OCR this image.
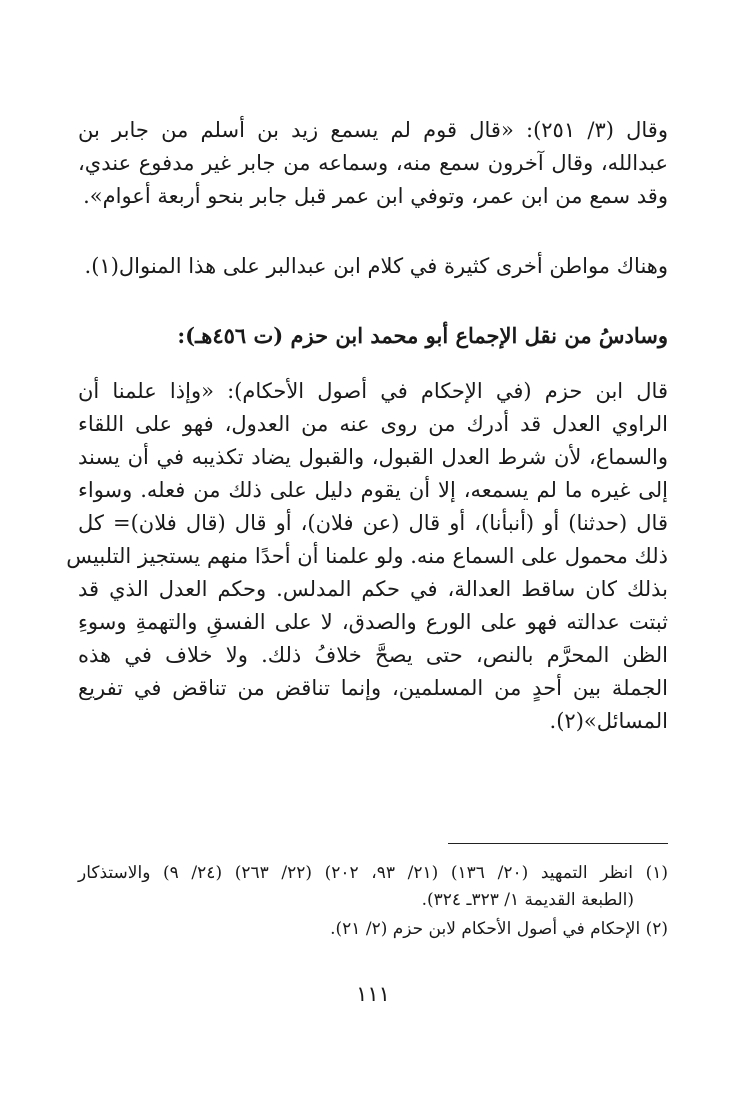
وقال (٣/ ٢٥١): «قال قوم لم يسمع زيد بن أسلم من جابر بن
عبدالله، وقال آخرون سمع منه، وسماعه من جابر غير مدفوع عندي،
وقد سمع من ابن عمر، وتوفي ابن عمر قبل جابر بنحو أربعة أعوام».
وهناك مواطن أخرى كثيرة في كلام ابن عبدالبر على هذا المنوال(١).
وسادسُ من نقل الإجماع أبو محمد ابن حزم (ت ٤٥٦هـ):
قال ابن حزم (في الإحكام في أصول الأحكام): «وإذا علمنا أن
الراوي العدل قد أدرك من روى عنه من العدول، فهو على اللقاء
والسماع، لأن شرط العدل القبول، والقبول يضاد تكذيبه في أن يسند
إلى غيره ما لم يسمعه، إلا أن يقوم دليل على ذلك من فعله. وسواء
قال (حدثنا) أو (أنبأنا)، أو قال (عن فلان)، أو قال (قال فلان)= كل
ذلك محمول على السماع منه. ولو علمنا أن أحدًا منهم يستجيز التلبيس
بذلك كان ساقط العدالة، في حكم المدلس. وحكم العدل الذي قد
ثبتت عدالته فهو على الورع والصدق، لا على الفسقِ والتهمةِ وسوءِ
الظن المحرَّم بالنص، حتى يصحَّ خلافُ ذلك. ولا خلاف في هذه
الجملة بين أحدٍ من المسلمين، وإنما تناقض من تناقض في تفريع
المسائل»(٢).
(١) انظر التمهيد (٢٠/ ١٣٦) (٢١/ ٩٣، ٢٠٢) (٢٢/ ٢٦٣) (٢٤/ ٩) والاستذكار
(الطبعة القديمة ١/ ٣٢٣ـ ٣٢٤).
(٢) الإحكام في أصول الأحكام لابن حزم (٢/ ٢١).
١١١
